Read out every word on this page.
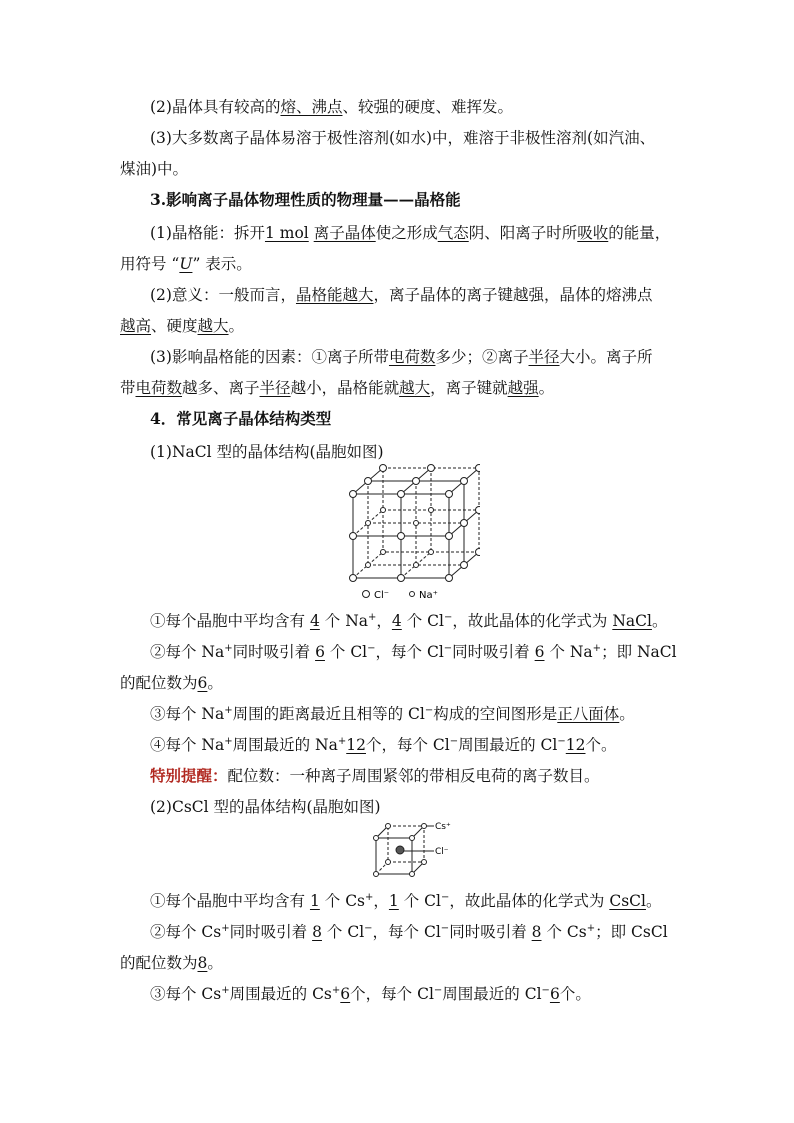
(2)晶体具有较高的熔、沸点、较强的硬度、难挥发。
(3)大多数离子晶体易溶于极性溶剂(如水)中，难溶于非极性溶剂(如汽油、
煤油)中。
3.影响离子晶体物理性质的物理量——晶格能
(1)晶格能：拆开1 mol 离子晶体使之形成气态阴、阳离子时所吸收的能量，
用符号 “U” 表示。
(2)意义：一般而言，晶格能越大，离子晶体的离子键越强，晶体的熔沸点
越高、硬度越大。
(3)影响晶格能的因素：①离子所带电荷数多少；②离子半径大小。离子所
带电荷数越多、离子半径越小，晶格能就越大，离子键就越强。
4．常见离子晶体结构类型
(1)NaCl 型的晶体结构(晶胞如图)
Cl⁻	Na⁺
①每个晶胞中平均含有 4 个 Na+，4 个 Cl−，故此晶体的化学式为 NaCl。
②每个 Na+同时吸引着 6 个 Cl−，每个 Cl−同时吸引着 6 个 Na+；即 NaCl
的配位数为6。
③每个 Na+周围的距离最近且相等的 Cl−构成的空间图形是正八面体。
④每个 Na+周围最近的 Na+12个，每个 Cl−周围最近的 Cl−12个。
特别提醒：配位数：一种离子周围紧邻的带相反电荷的离子数目。
(2)CsCl 型的晶体结构(晶胞如图)
Cs⁺
Cl⁻
①每个晶胞中平均含有 1 个 Cs+，1 个 Cl−，故此晶体的化学式为 CsCl。
②每个 Cs+同时吸引着 8 个 Cl−，每个 Cl−同时吸引着 8 个 Cs+；即 CsCl
的配位数为8。
③每个 Cs+周围最近的 Cs+6个，每个 Cl−周围最近的 Cl−6个。
